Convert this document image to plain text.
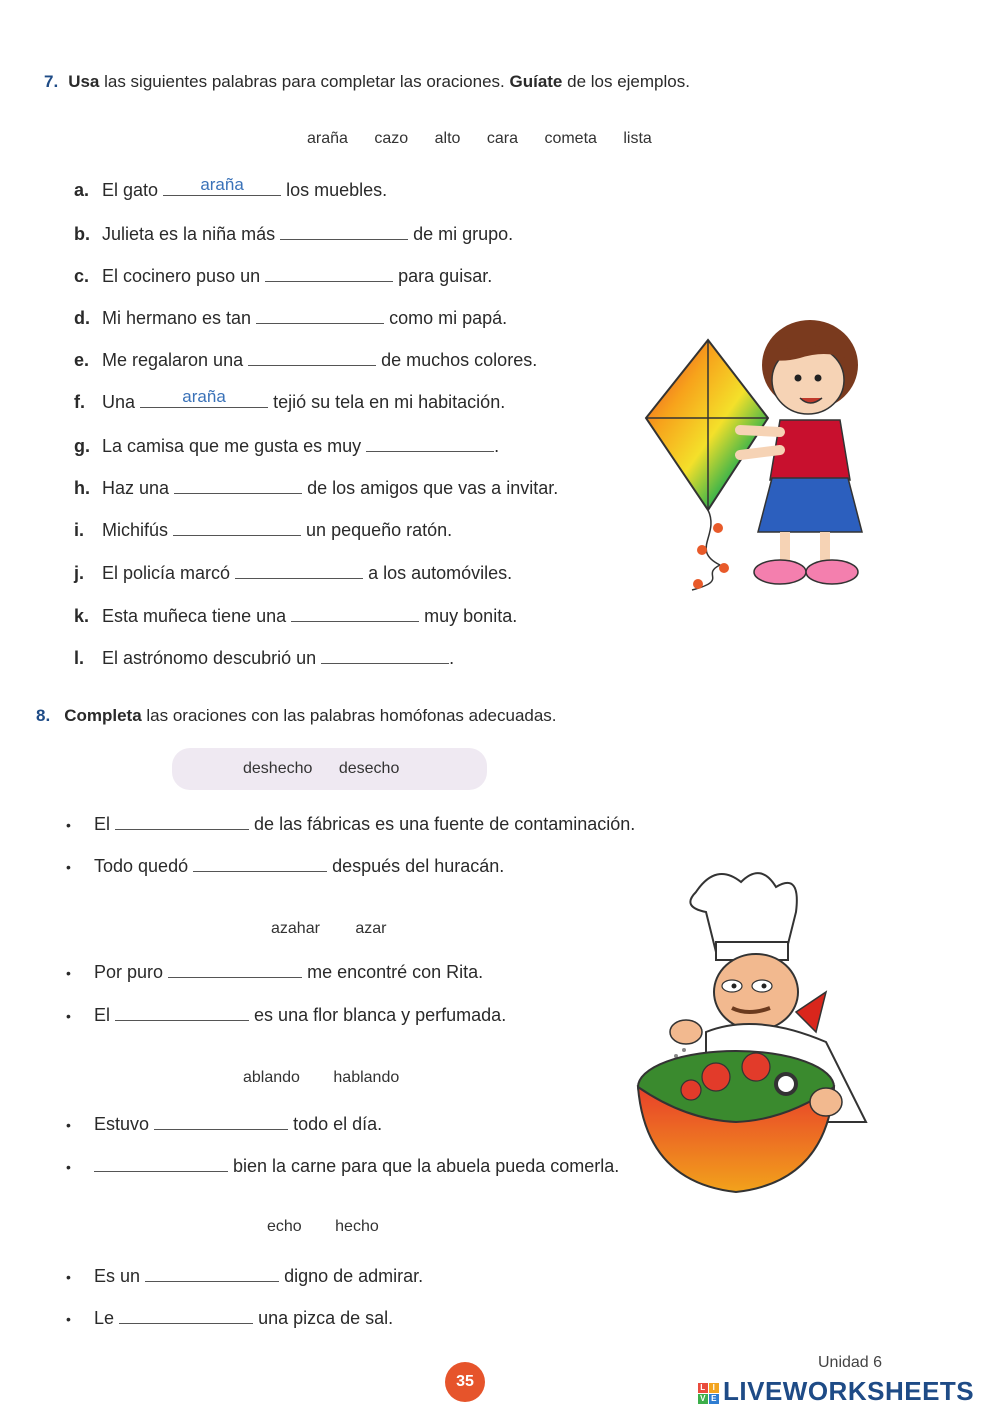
7. Usa las siguientes palabras para completar las oraciones. Guíate de los ejemplos.
araña cazo alto cara cometa lista
a. El gato	araña	los muebles.
b. Julieta es la niña más	de mi grupo.
c. El cocinero puso un	para guisar.
d. Mi hermano es tan	como mi papá.
e. Me regalaron una	de muchos colores.
f. Una	araña	tejió su tela en mi habitación.
g. La camisa que me gusta es muy	.
h. Haz una	de los amigos que vas a invitar.
i. Michifús	un pequeño ratón.
j. El policía marcó	a los automóviles.
k. Esta muñeca tiene una	muy bonita.
l. El astrónomo descubrió un	.
8. Completa las oraciones con las palabras homófonas adecuadas.
deshecho desecho
• El	de las fábricas es una fuente de contaminación.
• Todo quedó	después del huracán.
azahar azar
• Por puro	me encontré con Rita.
• El	es una flor blanca y perfumada.
ablando hablando
• Estuvo	todo el día.
•	bien la carne para que la abuela pueda comerla.
echo hecho
• Es un	digno de admirar.
• Le	una pizca de sal.
Unidad 6
35	L I
V E LIVEWORKSHEETS
